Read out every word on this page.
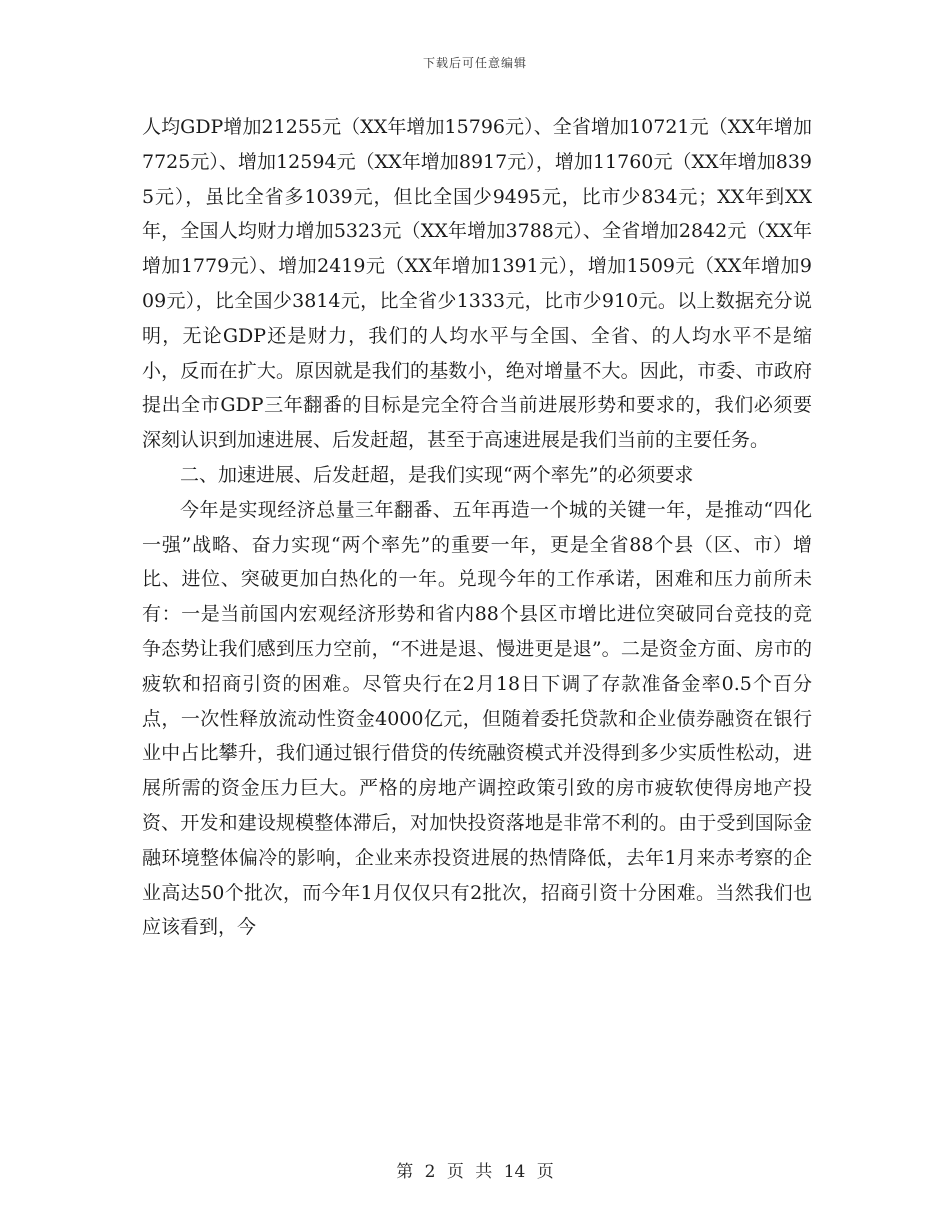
下载后可任意编辑

人均GDP增加21255元（XX年增加15796元）、全省增加10721元（XX年增加7725元）、增加12594元（XX年增加8917元），增加11760元（XX年增加8395元），虽比全省多1039元，但比全国少9495元，比市少834元；XX年到XX年，全国人均财力增加5323元（XX年增加3788元）、全省增加2842元（XX年增加1779元）、增加2419元（XX年增加1391元），增加1509元（XX年增加909元），比全国少3814元，比全省少1333元，比市少910元。以上数据充分说明，无论GDP还是财力，我们的人均水平与全国、全省、的人均水平不是缩小，反而在扩大。原因就是我们的基数小，绝对增量不大。因此，市委、市政府提出全市GDP三年翻番的目标是完全符合当前进展形势和要求的，我们必须要深刻认识到加速进展、后发赶超，甚至于高速进展是我们当前的主要任务。

二、加速进展、后发赶超，是我们实现“两个率先”的必须要求

今年是实现经济总量三年翻番、五年再造一个城的关键一年，是推动“四化一强”战略、奋力实现“两个率先”的重要一年，更是全省88个县（区、市）增比、进位、突破更加白热化的一年。兑现今年的工作承诺，困难和压力前所未有：一是当前国内宏观经济形势和省内88个县区市增比进位突破同台竞技的竞争态势让我们感到压力空前，“不进是退、慢进更是退”。二是资金方面、房市的疲软和招商引资的困难。尽管央行在2月18日下调了存款准备金率0.5个百分点，一次性释放流动性资金4000亿元，但随着委托贷款和企业债券融资在银行业中占比攀升，我们通过银行借贷的传统融资模式并没得到多少实质性松动，进展所需的资金压力巨大。严格的房地产调控政策引致的房市疲软使得房地产投资、开发和建设规模整体滞后，对加快投资落地是非常不利的。由于受到国际金融环境整体偏冷的影响，企业来赤投资进展的热情降低，去年1月来赤考察的企业高达50个批次，而今年1月仅仅只有2批次，招商引资十分困难。当然我们也应该看到，今

第 2 页 共 14 页
